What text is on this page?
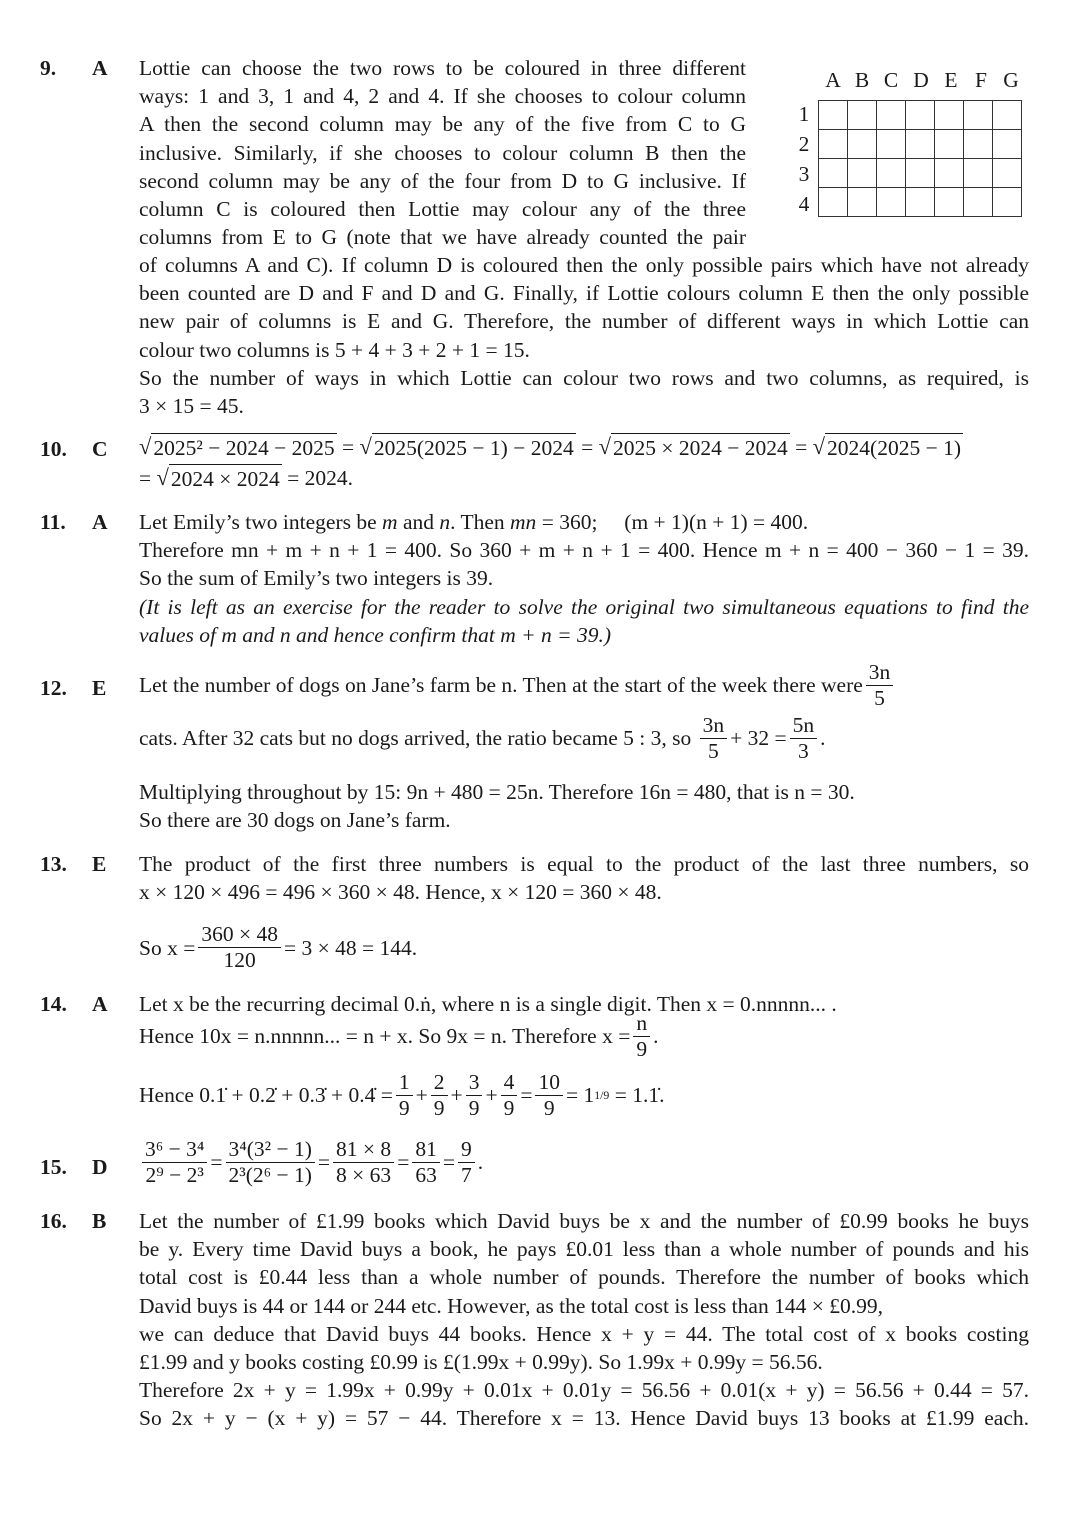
9. A Lottie can choose the two rows to be coloured in three different
ways: 1 and 3, 1 and 4, 2 and 4. If she chooses to colour column
A then the second column may be any of the five from C to G
inclusive. Similarly, if she chooses to colour column B then the
second column may be any of the four from D to G inclusive. If
column C is coloured then Lottie may colour any of the three
columns from E to G (note that we have already counted the pair
of columns A and C). If column D is coloured then the only possible pairs which have not already
been counted are D and F and D and G. Finally, if Lottie colours column E then the only possible
new pair of columns is E and G. Therefore, the number of different ways in which Lottie can
colour two columns is 5 + 4 + 3 + 2 + 1 = 15.
So the number of ways in which Lottie can colour two rows and two columns, as required, is
3 × 15 = 45.
A B C D E F G
1
2
3
4

10. C √ 2025² − 2024 − 2025 = √ 2025(2025 − 1) − 2024 = √ 2025 × 2024 − 2024 = √ 2024(2025 − 1)
= √ 2024 × 2024 = 2024.
11. A Let Emily’s two integers be m and n. Then mn = 360; (m + 1)(n + 1) = 400.
Therefore mn + m + n + 1 = 400. So 360 + m + n + 1 = 400. Hence m + n = 400 − 360 − 1 = 39.
So the sum of Emily’s two integers is 39.
(It is left as an exercise for the reader to solve the original two simultaneous equations to find the
values of m and n and hence confirm that m + n = 39.)
12. E Let the number of dogs on Jane’s farm be n. Then at the start of the week there were $\frac{3n}{5}$
cats. After 32 cats but no dogs arrived, the ratio became 5 : 3, so
$\frac{3n}{5} + 32 = \frac{5n}{3}$ .
Multiplying throughout by 15: 9n + 480 = 25n. Therefore 16n = 480, that is n = 30.
So there are 30 dogs on Jane’s farm.
13. E The product of the first three numbers is equal to the product of the last three numbers, so
x × 120 × 496 = 496 × 360 × 48. Hence, x × 120 = 360 × 48.
So $x = \frac{360 \times 48}{120} = 3 \times 48 = 144$.
14. A Let x be the recurring decimal 0.ṅ, where n is a single digit. Then x = 0.nnnnn... .
Hence 10x = n.nnnnn... = n + x. So 9x = n. Therefore $x = \frac{n}{9}$ .
Hence 0.1̇ + 0.2̇ + 0.3̇ + 0.4̇ = $\frac{1}{9} + \frac{2}{9} + \frac{3}{9} + \frac{4}{9} = \frac{10}{9} = 1$ 1/9
= 1.1̇.
15. D $\frac{\text{3⁶ − 3⁴}}{\text{2⁹ − 2³}} = \frac{\text{3⁴(3² − 1)}}{\text{2³(2⁶ − 1)}} = \frac{81 \times 8}{8 \times 63} = \frac{81}{63} = \frac{9}{7}$ .
16. B Let the number of £1.99 books which David buys be x and the number of £0.99 books he buys
be y. Every time David buys a book, he pays £0.01 less than a whole number of pounds and his
total cost is £0.44 less than a whole number of pounds. Therefore the number of books which
David buys is 44 or 144 or 244 etc. However, as the total cost is less than 144 × £0.99,
we can deduce that David buys 44 books. Hence x + y = 44. The total cost of x books costing
£1.99 and y books costing £0.99 is £(1.99x + 0.99y). So 1.99x + 0.99y = 56.56.
Therefore 2x + y = 1.99x + 0.99y + 0.01x + 0.01y = 56.56 + 0.01(x + y) = 56.56 + 0.44 = 57.
So 2x + y − (x + y) = 57 − 44. Therefore x = 13. Hence David buys 13 books at £1.99 each.
